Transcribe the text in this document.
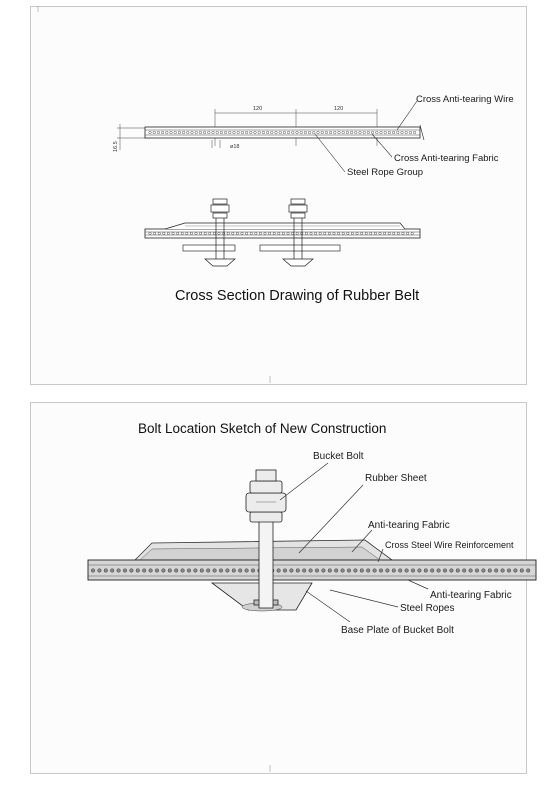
120	120
16.5	ø18
Cross Anti-tearing Wire
Cross Anti-tearing Fabric
Steel Rope Group
Cross Section Drawing of Rubber Belt
Bolt Location Sketch of New Construction
Bucket Bolt
Rubber Sheet
Anti-tearing Fabric
Cross Steel Wire Reinforcement
Anti-tearing Fabric
Steel Ropes
Base Plate of Bucket Bolt
